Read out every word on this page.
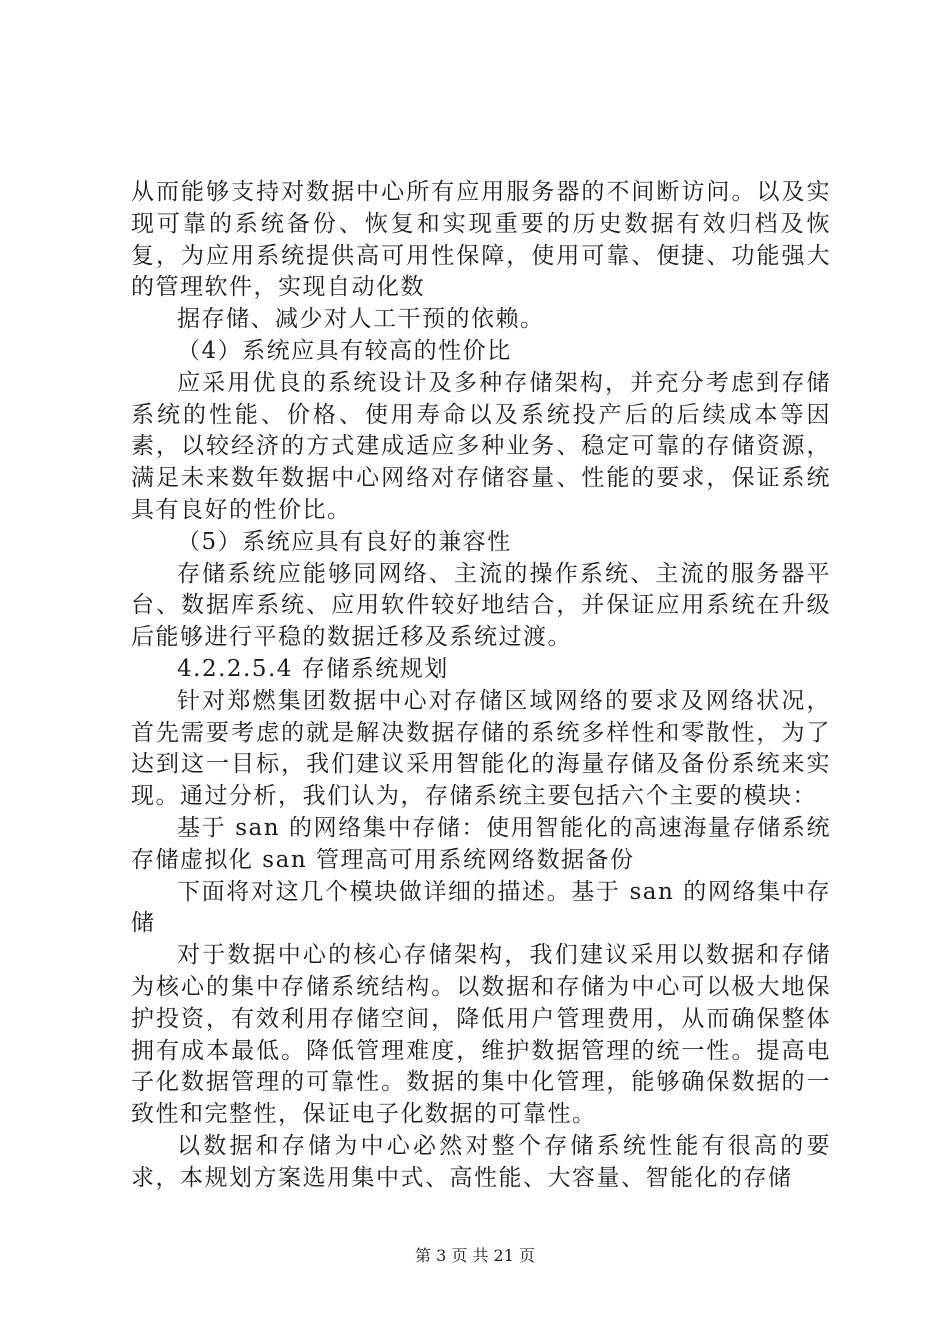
从而能够支持对数据中心所有应用服务器的不间断访问。以及实现可靠的系统备份、恢复和实现重要的历史数据有效归档及恢复，为应用系统提供高可用性保障，使用可靠、便捷、功能强大的管理软件，实现自动化数

据存储、减少对人工干预的依赖。

（4）系统应具有较高的性价比

应采用优良的系统设计及多种存储架构，并充分考虑到存储系统的性能、价格、使用寿命以及系统投产后的后续成本等因素，以较经济的方式建成适应多种业务、稳定可靠的存储资源，满足未来数年数据中心网络对存储容量、性能的要求，保证系统具有良好的性价比。

（5）系统应具有良好的兼容性

存储系统应能够同网络、主流的操作系统、主流的服务器平台、数据库系统、应用软件较好地结合，并保证应用系统在升级后能够进行平稳的数据迁移及系统过渡。

4.2.2.5.4 存储系统规划

针对郑燃集团数据中心对存储区域网络的要求及网络状况，首先需要考虑的就是解决数据存储的系统多样性和零散性，为了达到这一目标，我们建议采用智能化的海量存储及备份系统来实现。通过分析，我们认为，存储系统主要包括六个主要的模块：

基于 san 的网络集中存储：使用智能化的高速海量存储系统存储虚拟化 san 管理高可用系统网络数据备份

下面将对这几个模块做详细的描述。基于 san 的网络集中存储

对于数据中心的核心存储架构，我们建议采用以数据和存储为核心的集中存储系统结构。以数据和存储为中心可以极大地保护投资，有效利用存储空间，降低用户管理费用，从而确保整体拥有成本最低。降低管理难度，维护数据管理的统一性。提高电子化数据管理的可靠性。数据的集中化管理，能够确保数据的一致性和完整性，保证电子化数据的可靠性。

以数据和存储为中心必然对整个存储系统性能有很高的要求，本规划方案选用集中式、高性能、大容量、智能化的存储

第 3 页 共 21 页
